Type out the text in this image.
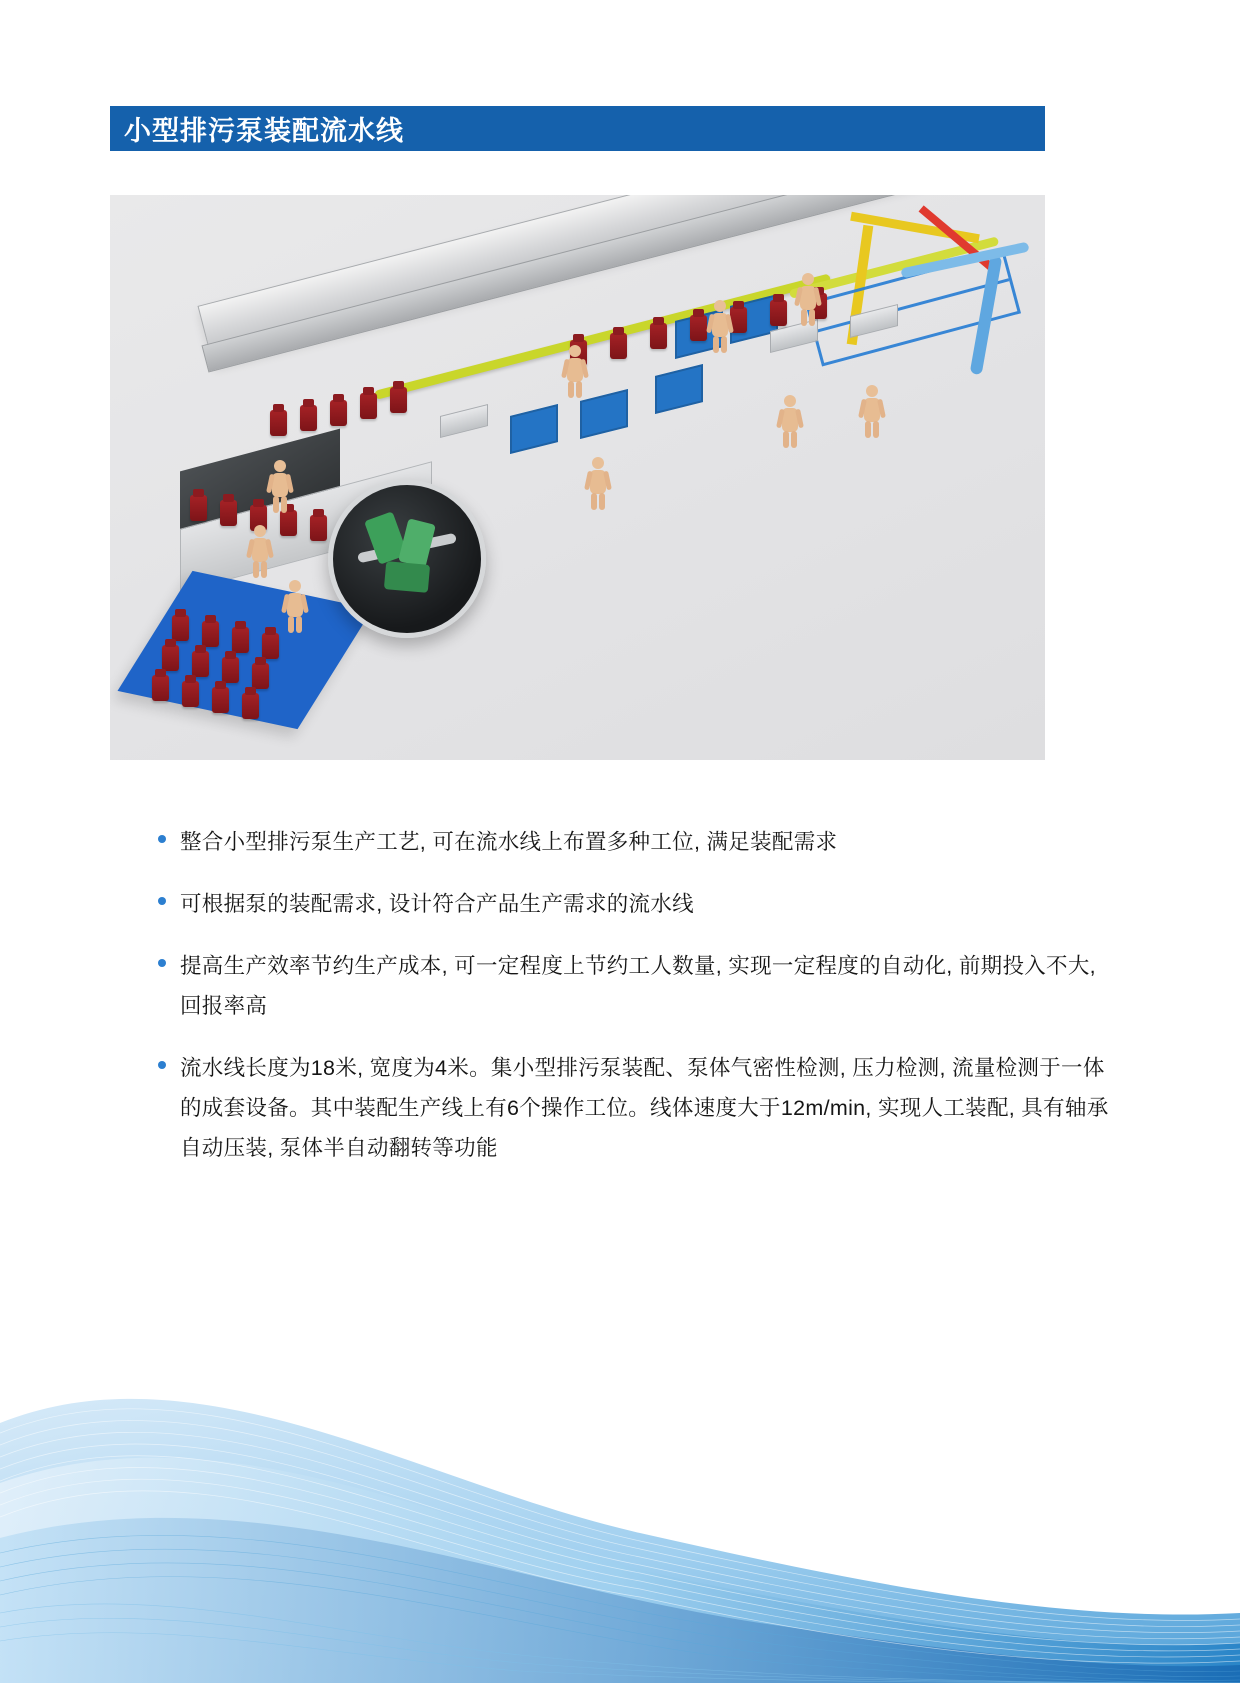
小型排污泵装配流水线
整合小型排污泵生产工艺, 可在流水线上布置多种工位, 满足装配需求
可根据泵的装配需求, 设计符合产品生产需求的流水线
提高生产效率节约生产成本, 可一定程度上节约工人数量, 实现一定程度的自动化, 前期投入不大, 回报率高
流水线长度为18米, 宽度为4米。集小型排污泵装配、泵体气密性检测, 压力检测, 流量检测于一体的成套设备。其中装配生产线上有6个操作工位。线体速度大于12m/min, 实现人工装配, 具有轴承自动压装, 泵体半自动翻转等功能
